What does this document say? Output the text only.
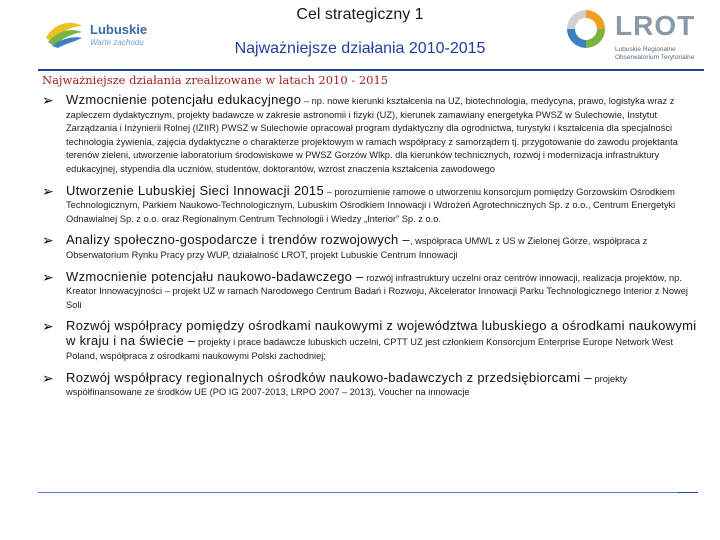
Lubuskie
Warte zachodu
Cel strategiczny 1
Najważniejsze działania 2010-2015
LROT
Lubuskie Regionalne
Obserwatorium Terytorialne
Najważniejsze działania zrealizowane w latach 2010 - 2015
➢ Wzmocnienie potencjału edukacyjnego – np. nowe kierunki kształcenia na UZ, biotechnologia, medycyna, prawo, logistyka wraz z zapleczem dydaktycznym, projekty badawcze w zakresie astronomii i fizyki (UZ), kierunek zamawiany energetyka PWSZ w Sulechowie, Instytut Zarządzania i Inżynierii Rolnej (IZIIR) PWSZ w Sulechowie opracował program dydaktyczny dla ogrodnictwa, turystyki i kształcenia dla specjalności technologia żywienia, zajęcia dydaktyczne o charakterze projektowym w ramach współpracy z samorządem tj. przygotowanie do zawodu projektanta terenów zieleni, utworzenie laboratorium środowiskowe w PWSZ Gorzów Wlkp. dla kierunków technicznych, rozwój i modernizacja infrastruktury edukacyjnej, stypendia dla uczniów, studentów, doktorantów, wzrost znaczenia kształcenia zawodowego
➢ Utworzenie Lubuskiej Sieci Innowacji 2015 – porozumienie ramowe o utworzeniu konsorcjum pomiędzy Gorzowskim Ośrodkiem Technologicznym, Parkiem Naukowo-Technologicznym, Lubuskim Ośrodkiem Innowacji i Wdrożeń Agrotechnicznych Sp. z o.o., Centrum Energetyki Odnawialnej Sp. z o.o. oraz Regionalnym Centrum Technologii i Wiedzy „Interior” Sp. z o.o.
➢ Analizy społeczno-gospodarcze i trendów rozwojowych –, współpraca UMWL z US w Zielonej Górze, współpraca z Obserwatorium Rynku Pracy przy WUP, działalność LROT, projekt Lubuskie Centrum Innowacji
➢ Wzmocnienie potencjału naukowo-badawczego – rozwój infrastruktury uczelni oraz centrów innowacji, realizacja projektów, np. Kreator Innowacyjności – projekt UZ w ramach Narodowego Centrum Badań i Rozwoju, Akcelerator Innowacji Parku Technologicznego Interior z Nowej Soli
➢ Rozwój współpracy pomiędzy ośrodkami naukowymi z województwa lubuskiego a ośrodkami naukowymi w kraju i na świecie – projekty i prace badawcze lubuskich uczelni, CPTT UZ jest członkiem Konsorcjum Enterprise Europe Network West Poland, współpraca z ośrodkami naukowymi Polski zachodniej;
➢ Rozwój współpracy regionalnych ośrodków naukowo-badawczych z przedsiębiorcami – projekty współfinansowane ze środków UE (PO IG 2007-2013, LRPO 2007 – 2013), Voucher na innowacje
